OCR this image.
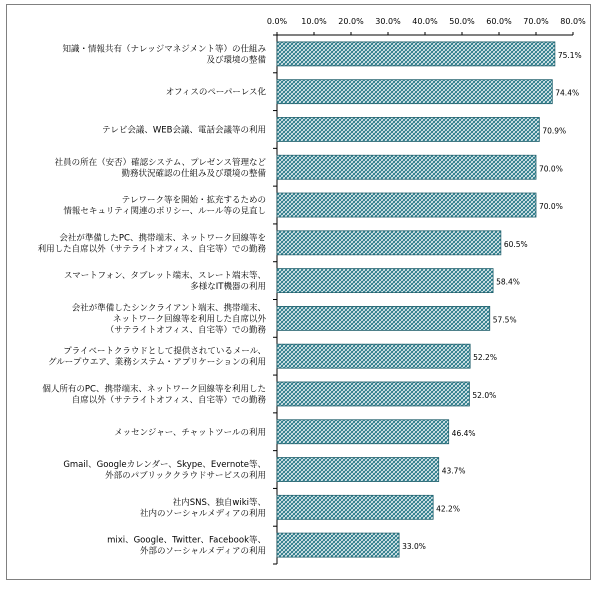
0.0% 10.0% 20.0% 30.0% 40.0% 50.0% 60.0% 70.0% 80.0%
75.1%
知識・情報共有（ナレッジマネジメント等）の仕組み及び環境の整備
74.4%
オフィスのペーパーレス化
70.9%
テレビ会議、WEB会議、電話会議等の利用
70.0%
社員の所在（安否）確認システム、プレゼンス管理など勤務状況確認の仕組み及び環境の整備
70.0%
テレワーク等を開始・拡充するための情報セキュリティ関連のポリシー、ルール等の見直し
60.5%
会社が準備したPC、携帯端末、ネットワーク回線等を利用した自席以外（サテライトオフィス、自宅等）での勤務
58.4%
スマートフォン、タブレット端末、スレート端末等、多様なIT機器の利用
57.5%
会社が準備したシンクライアント端末、携帯端末、ネットワーク回線等を利用した自席以外（サテライトオフィス、自宅等）での勤務
52.2%
プライベートクラウドとして提供されているメール、グループウエア、業務システム・アプリケーションの利用
52.0%
個人所有のPC、携帯端末、ネットワーク回線等を利用した自席以外（サテライトオフィス、自宅等）での勤務
46.4%
メッセンジャー、チャットツールの利用
43.7%
Gmail、Googleカレンダー、Skype、Evernote等、外部のパブリッククラウドサービスの利用
42.2%
社内SNS、独自wiki等、社内のソーシャルメディアの利用
33.0%
mixi、Google、Twitter、Facebook等、外部のソーシャルメディアの利用
